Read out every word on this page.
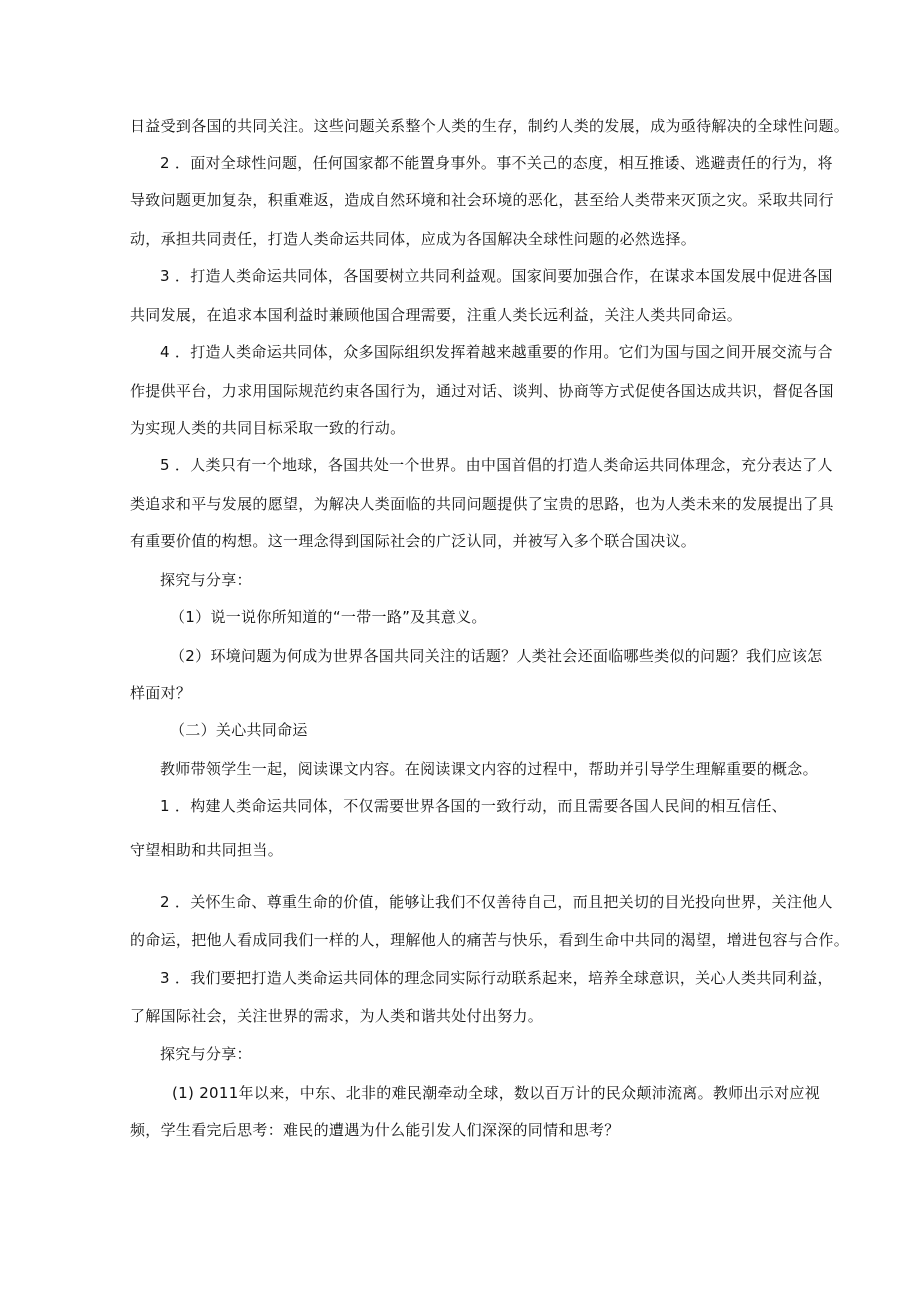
日益受到各国的共同关注。这些问题关系整个人类的生存，制约人类的发展，成为亟待解决的全球性问题。
2 ．面对全球性问题，任何国家都不能置身事外。事不关己的态度，相互推诿、逃避责任的行为，将
导致问题更加复杂，积重难返，造成自然环境和社会环境的恶化，甚至给人类带来灭顶之灾。采取共同行
动，承担共同责任，打造人类命运共同体，应成为各国解决全球性问题的必然选择。
3 ．打造人类命运共同体，各国要树立共同利益观。国家间要加强合作，在谋求本国发展中促进各国
共同发展，在追求本国利益时兼顾他国合理需要，注重人类长远利益，关注人类共同命运。
4 ．打造人类命运共同体，众多国际组织发挥着越来越重要的作用。它们为国与国之间开展交流与合
作提供平台，力求用国际规范约束各国行为，通过对话、谈判、协商等方式促使各国达成共识，督促各国
为实现人类的共同目标采取一致的行动。
5 ．人类只有一个地球，各国共处一个世界。由中国首倡的打造人类命运共同体理念，充分表达了人
类追求和平与发展的愿望，为解决人类面临的共同问题提供了宝贵的思路，也为人类未来的发展提出了具
有重要价值的构想。这一理念得到国际社会的广泛认同，并被写入多个联合国决议。
探究与分享：
（1）说一说你所知道的“一带一路”及其意义。
（2）环境问题为何成为世界各国共同关注的话题？人类社会还面临哪些类似的问题？我们应该怎
样面对？
（二）关心共同命运
教师带领学生一起，阅读课文内容。在阅读课文内容的过程中，帮助并引导学生理解重要的概念。
1 ．构建人类命运共同体，不仅需要世界各国的一致行动，而且需要各国人民间的相互信任、
守望相助和共同担当。
2 ．关怀生命、尊重生命的价值，能够让我们不仅善待自己，而且把关切的目光投向世界，关注他人
的命运，把他人看成同我们一样的人，理解他人的痛苦与快乐，看到生命中共同的渴望，增进包容与合作。
3 ．我们要把打造人类命运共同体的理念同实际行动联系起来，培养全球意识，关心人类共同利益，
了解国际社会，关注世界的需求，为人类和谐共处付出努力。
探究与分享：
(1) 2011年以来，中东、北非的难民潮牵动全球，数以百万计的民众颠沛流离。教师出示对应视
频，学生看完后思考：难民的遭遇为什么能引发人们深深的同情和思考？
